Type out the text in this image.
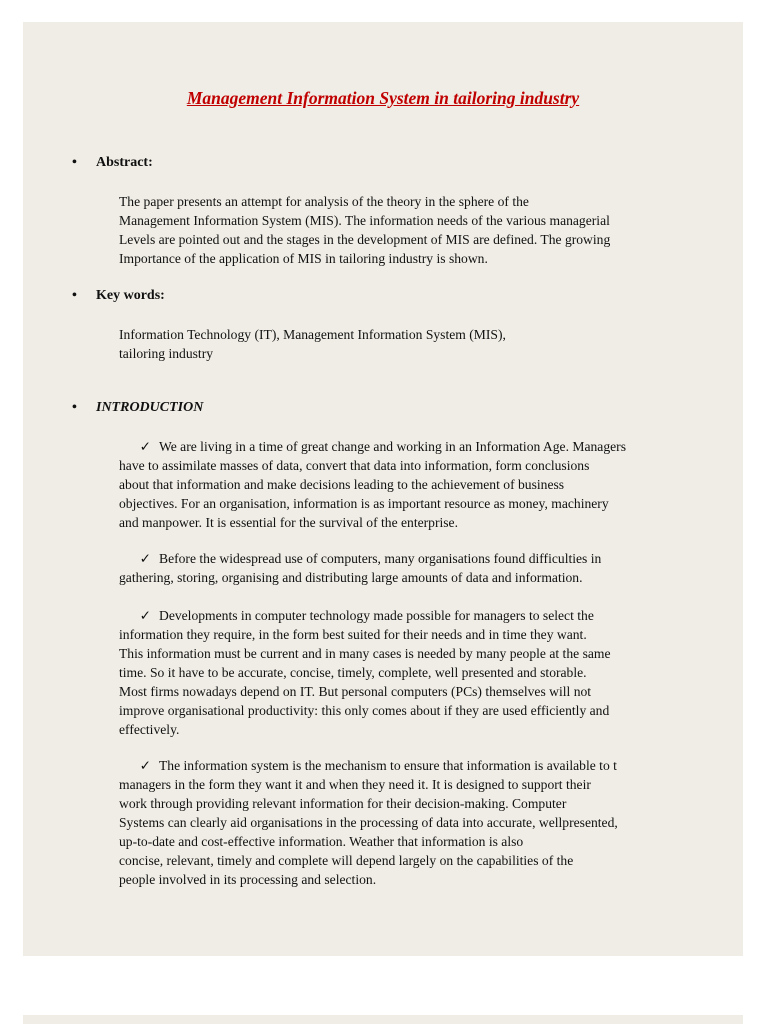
Management Information System in tailoring industry
• Abstract:
The paper presents an attempt for analysis of the theory in the sphere of the
Management Information System (MIS). The information needs of the various managerial
Levels are pointed out and the stages in the development of MIS are defined. The growing
Importance of the application of MIS in tailoring industry is shown.
• Key words:
Information Technology (IT), Management Information System (MIS),
tailoring industry
• INTRODUCTION
✓ We are living in a time of great change and working in an Information Age. Managers
have to assimilate masses of data, convert that data into information, form conclusions
about that information and make decisions leading to the achievement of business
objectives. For an organisation, information is as important resource as money, machinery
and manpower. It is essential for the survival of the enterprise.
✓ Before the widespread use of computers, many organisations found difficulties in
gathering, storing, organising and distributing large amounts of data and information.
✓ Developments in computer technology made possible for managers to select the
information they require, in the form best suited for their needs and in time they want.
This information must be current and in many cases is needed by many people at the same
time. So it have to be accurate, concise, timely, complete, well presented and storable.
Most firms nowadays depend on IT. But personal computers (PCs) themselves will not
improve organisational productivity: this only comes about if they are used efficiently and
effectively.
✓ The information system is the mechanism to ensure that information is available to t
managers in the form they want it and when they need it. It is designed to support their
work through providing relevant information for their decision-making. Computer
Systems can clearly aid organisations in the processing of data into accurate, wellpresented,
up-to-date and cost-effective information. Weather that information is also
concise, relevant, timely and complete will depend largely on the capabilities of the
people involved in its processing and selection.
